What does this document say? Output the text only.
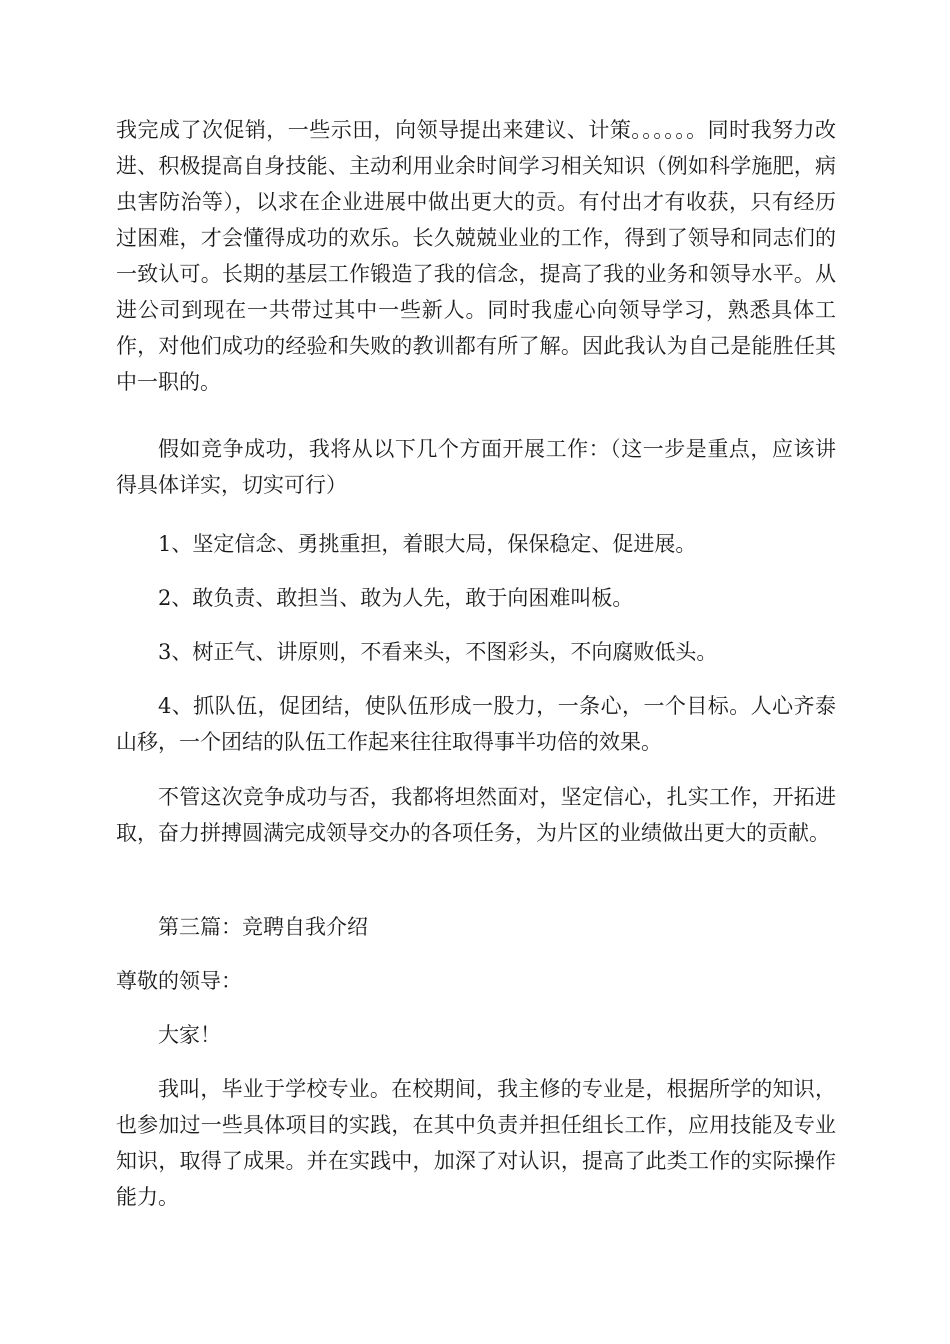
我完成了次促销，一些示田，向领导提出来建议、计策。。。。。。同时我努力改进、积极提高自身技能、主动利用业余时间学习相关知识（例如科学施肥，病虫害防治等），以求在企业进展中做出更大的贡。有付出才有收获，只有经历过困难，才会懂得成功的欢乐。长久兢兢业业的工作，得到了领导和同志们的一致认可。长期的基层工作锻造了我的信念，提高了我的业务和领导水平。从进公司到现在一共带过其中一些新人。同时我虚心向领导学习，熟悉具体工作，对他们成功的经验和失败的教训都有所了解。因此我认为自己是能胜任其中一职的。

假如竞争成功，我将从以下几个方面开展工作：（这一步是重点，应该讲得具体详实，切实可行）

1、坚定信念、勇挑重担，着眼大局，保保稳定、促进展。

2、敢负责、敢担当、敢为人先，敢于向困难叫板。

3、树正气、讲原则，不看来头，不图彩头，不向腐败低头。

4、抓队伍，促团结，使队伍形成一股力，一条心，一个目标。人心齐泰山移，一个团结的队伍工作起来往往取得事半功倍的效果。

不管这次竞争成功与否，我都将坦然面对，坚定信心，扎实工作，开拓进取，奋力拼搏圆满完成领导交办的各项任务，为片区的业绩做出更大的贡献。

第三篇：竞聘自我介绍

尊敬的领导：

大家！

我叫，毕业于学校专业。在校期间，我主修的专业是，根据所学的知识，也参加过一些具体项目的实践，在其中负责并担任组长工作，应用技能及专业知识，取得了成果。并在实践中，加深了对认识，提高了此类工作的实际操作能力。
